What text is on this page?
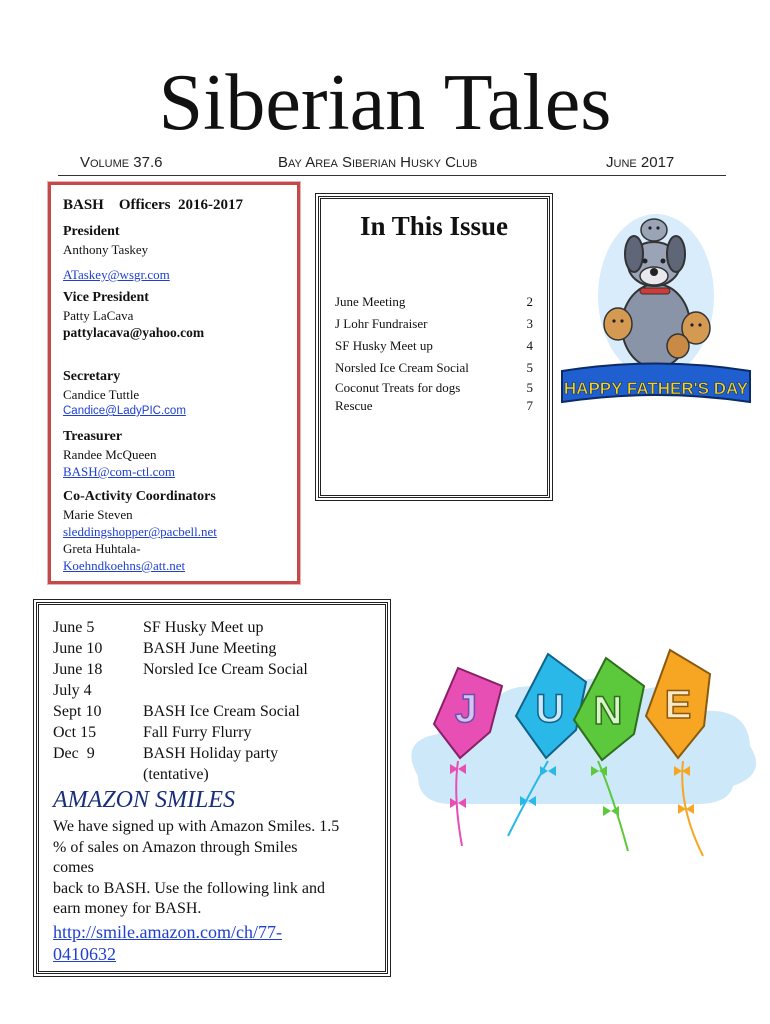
Siberian Tales
Volume 37.6	Bay Area Siberian Husky Club	June 2017
BASH    Officers  2016-2017
President
Anthony Taskey
ATaskey@wsgr.com
Vice President
Patty LaCava
pattylacava@yahoo.com
Secretary
Candice Tuttle
Candice@LadyPIC.com
Treasurer
Randee McQueen
BASH@com-ctl.com
Co-Activity Coordinators
Marie Steven
sleddingshopper@pacbell.net
Greta Huhtala-
Koehndkoehns@att.net
In This Issue
June Meeting	2
J Lohr Fundraiser	3
SF Husky Meet up	4
Norsled Ice Cream Social	5
Coconut Treats for dogs	5
Rescue	7
HAPPY FATHER'S DAY
June 5	SF Husky Meet up
June 10	BASH June Meeting
June 18	Norsled Ice Cream Social
July 4
Sept 10	BASH Ice Cream Social
Oct 15	Fall Furry Flurry
Dec  9	BASH Holiday party
(tentative)
AMAZON SMILES
We have signed up with Amazon Smiles. 1.5
% of sales on Amazon through Smiles
comes
back to BASH. Use the following link and
earn money for BASH.
http://smile.amazon.com/ch/77-
0410632
J U N E
